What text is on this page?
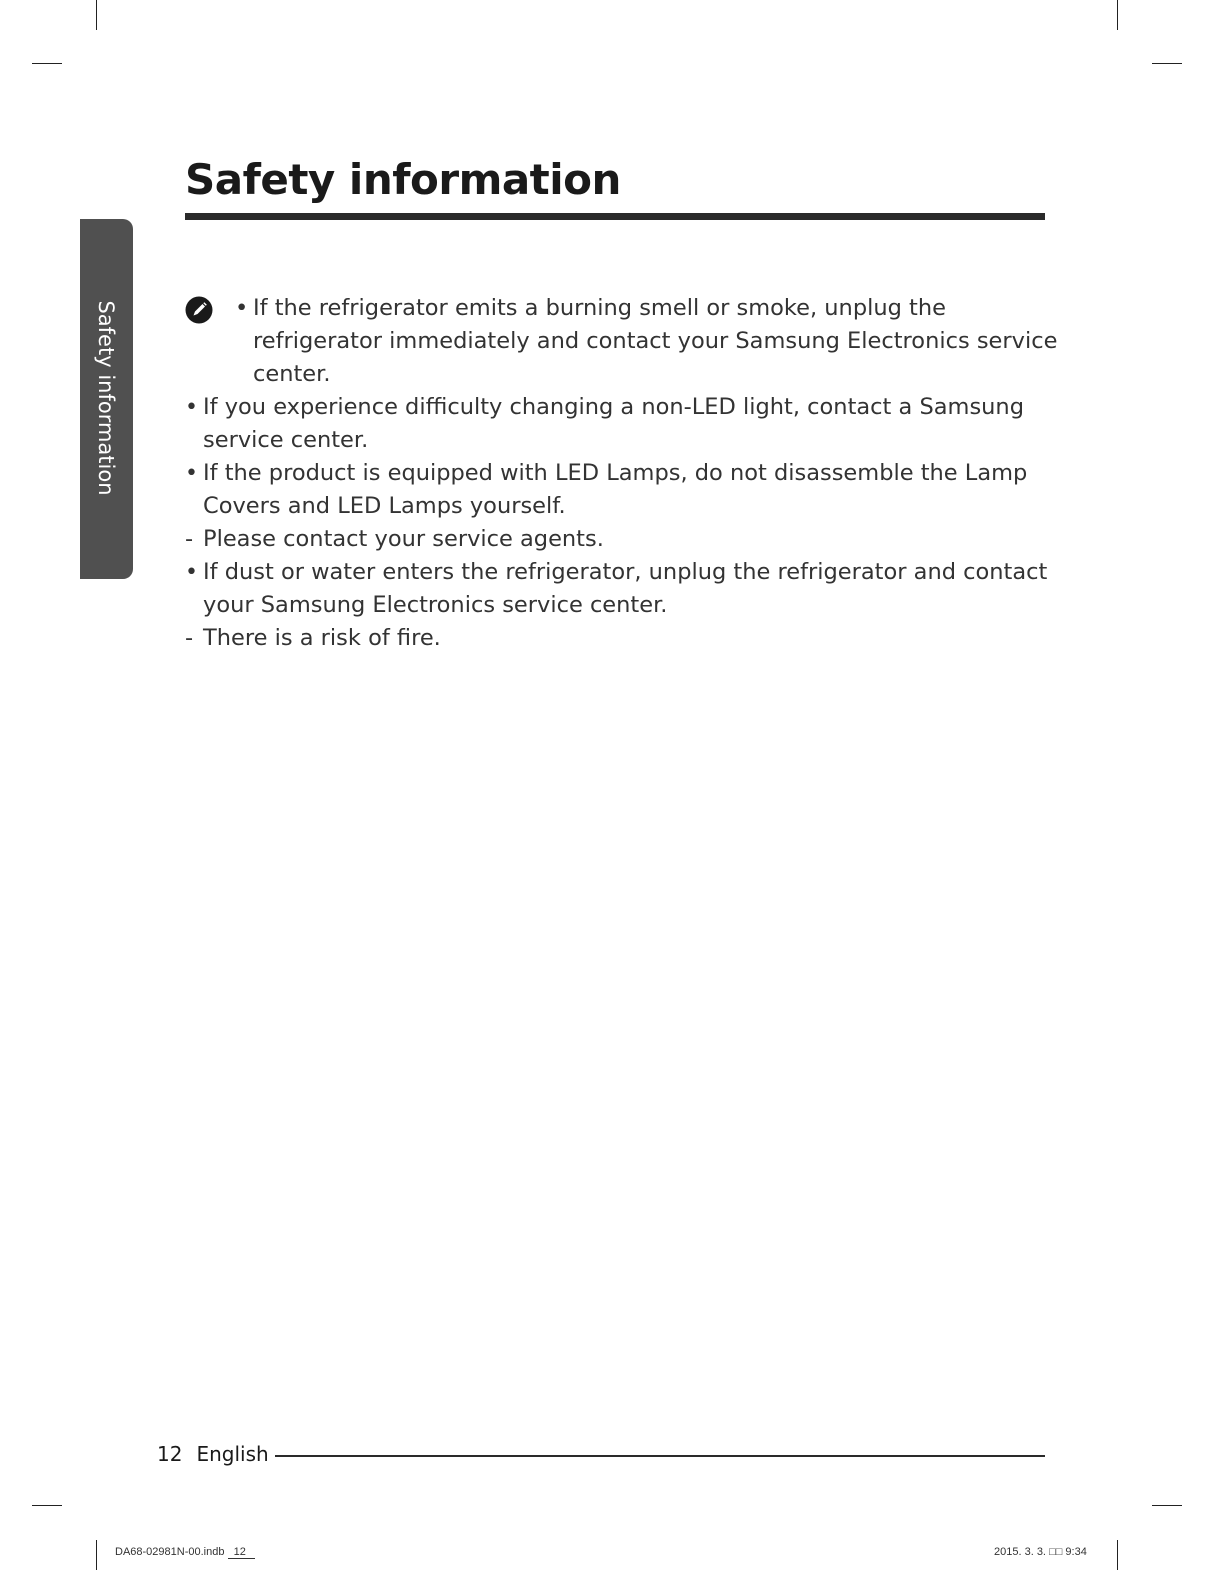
Safety information
Safety information	• If the refrigerator emits a burning smell or smoke, unplug the refrigerator immediately and contact your Samsung Electronics service center.
• If you experience difficulty changing a non-LED light, contact a Samsung service center.
• If the product is equipped with LED Lamps, do not disassemble the Lamp Covers and LED Lamps yourself.
- Please contact your service agents.
• If dust or water enters the refrigerator, unplug the refrigerator and contact your Samsung Electronics service center.
- There is a risk of fire.
12 English
DA68-02981N-00.indb 12	2015. 3. 3. □□ 9:34
